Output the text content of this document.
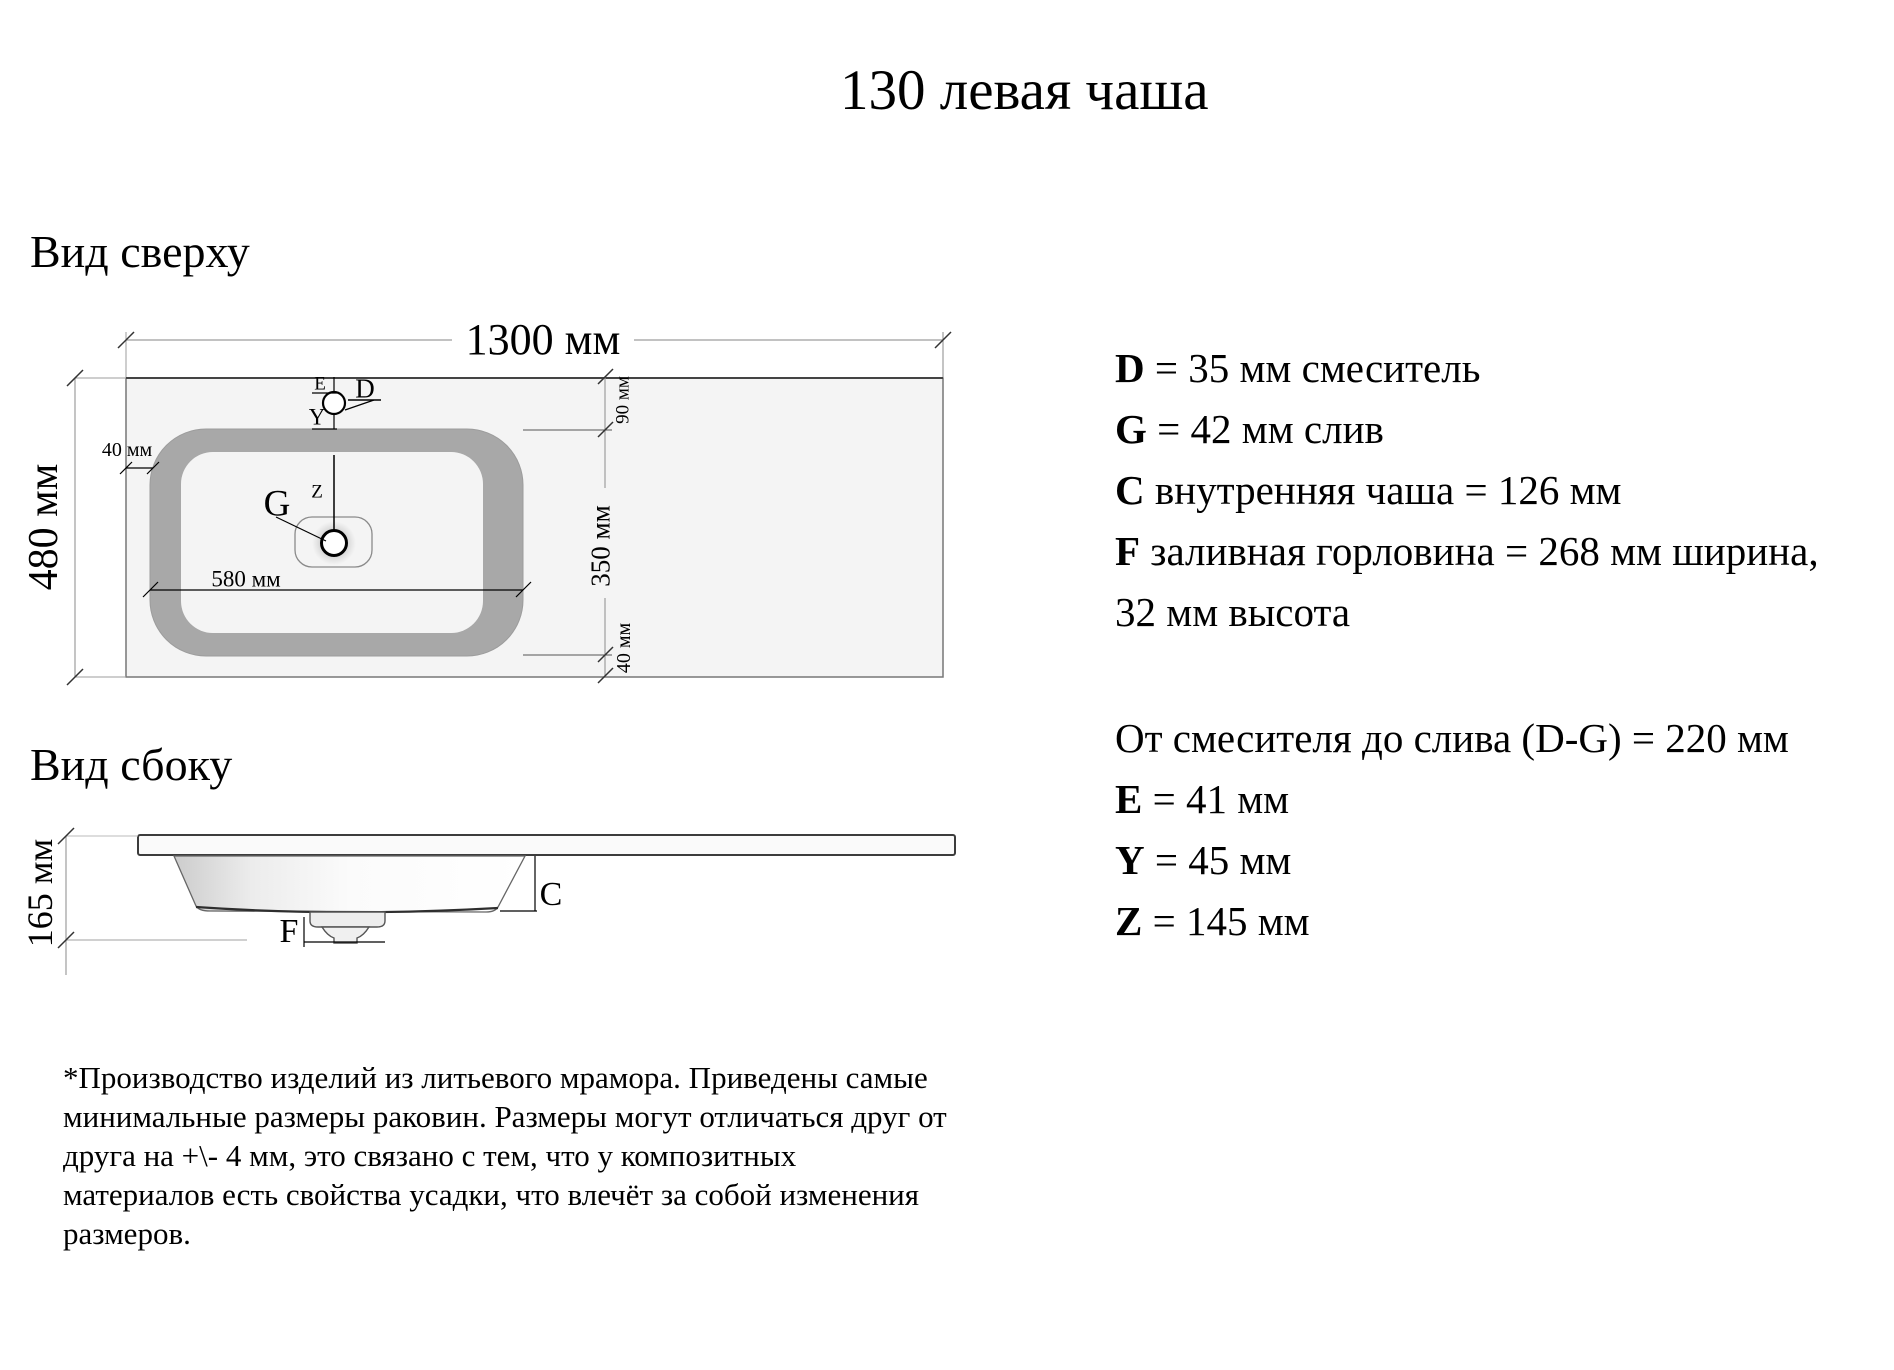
130 левая чаша
Вид сверху
Вид сбоку
1300 мм
480 мм
40 мм
580 мм
90 мм
350 мм
40 мм
E D
Y
Z
G
165 мм	C
F
D = 35 мм смеситель
G = 42 мм слив
C внутренняя чаша = 126 мм
F заливная горловина = 268 мм ширина,
32 мм высота
От смесителя до слива (D-G) = 220 мм
E = 41 мм
Y = 45 мм
Z = 145 мм
*Производство изделий из литьевого мрамора. Приведены самые
минимальные размеры раковин. Размеры могут отличаться друг от
друга на +\- 4 мм, это связано с тем, что у композитных
материалов есть свойства усадки, что влечёт за собой изменения
размеров.
